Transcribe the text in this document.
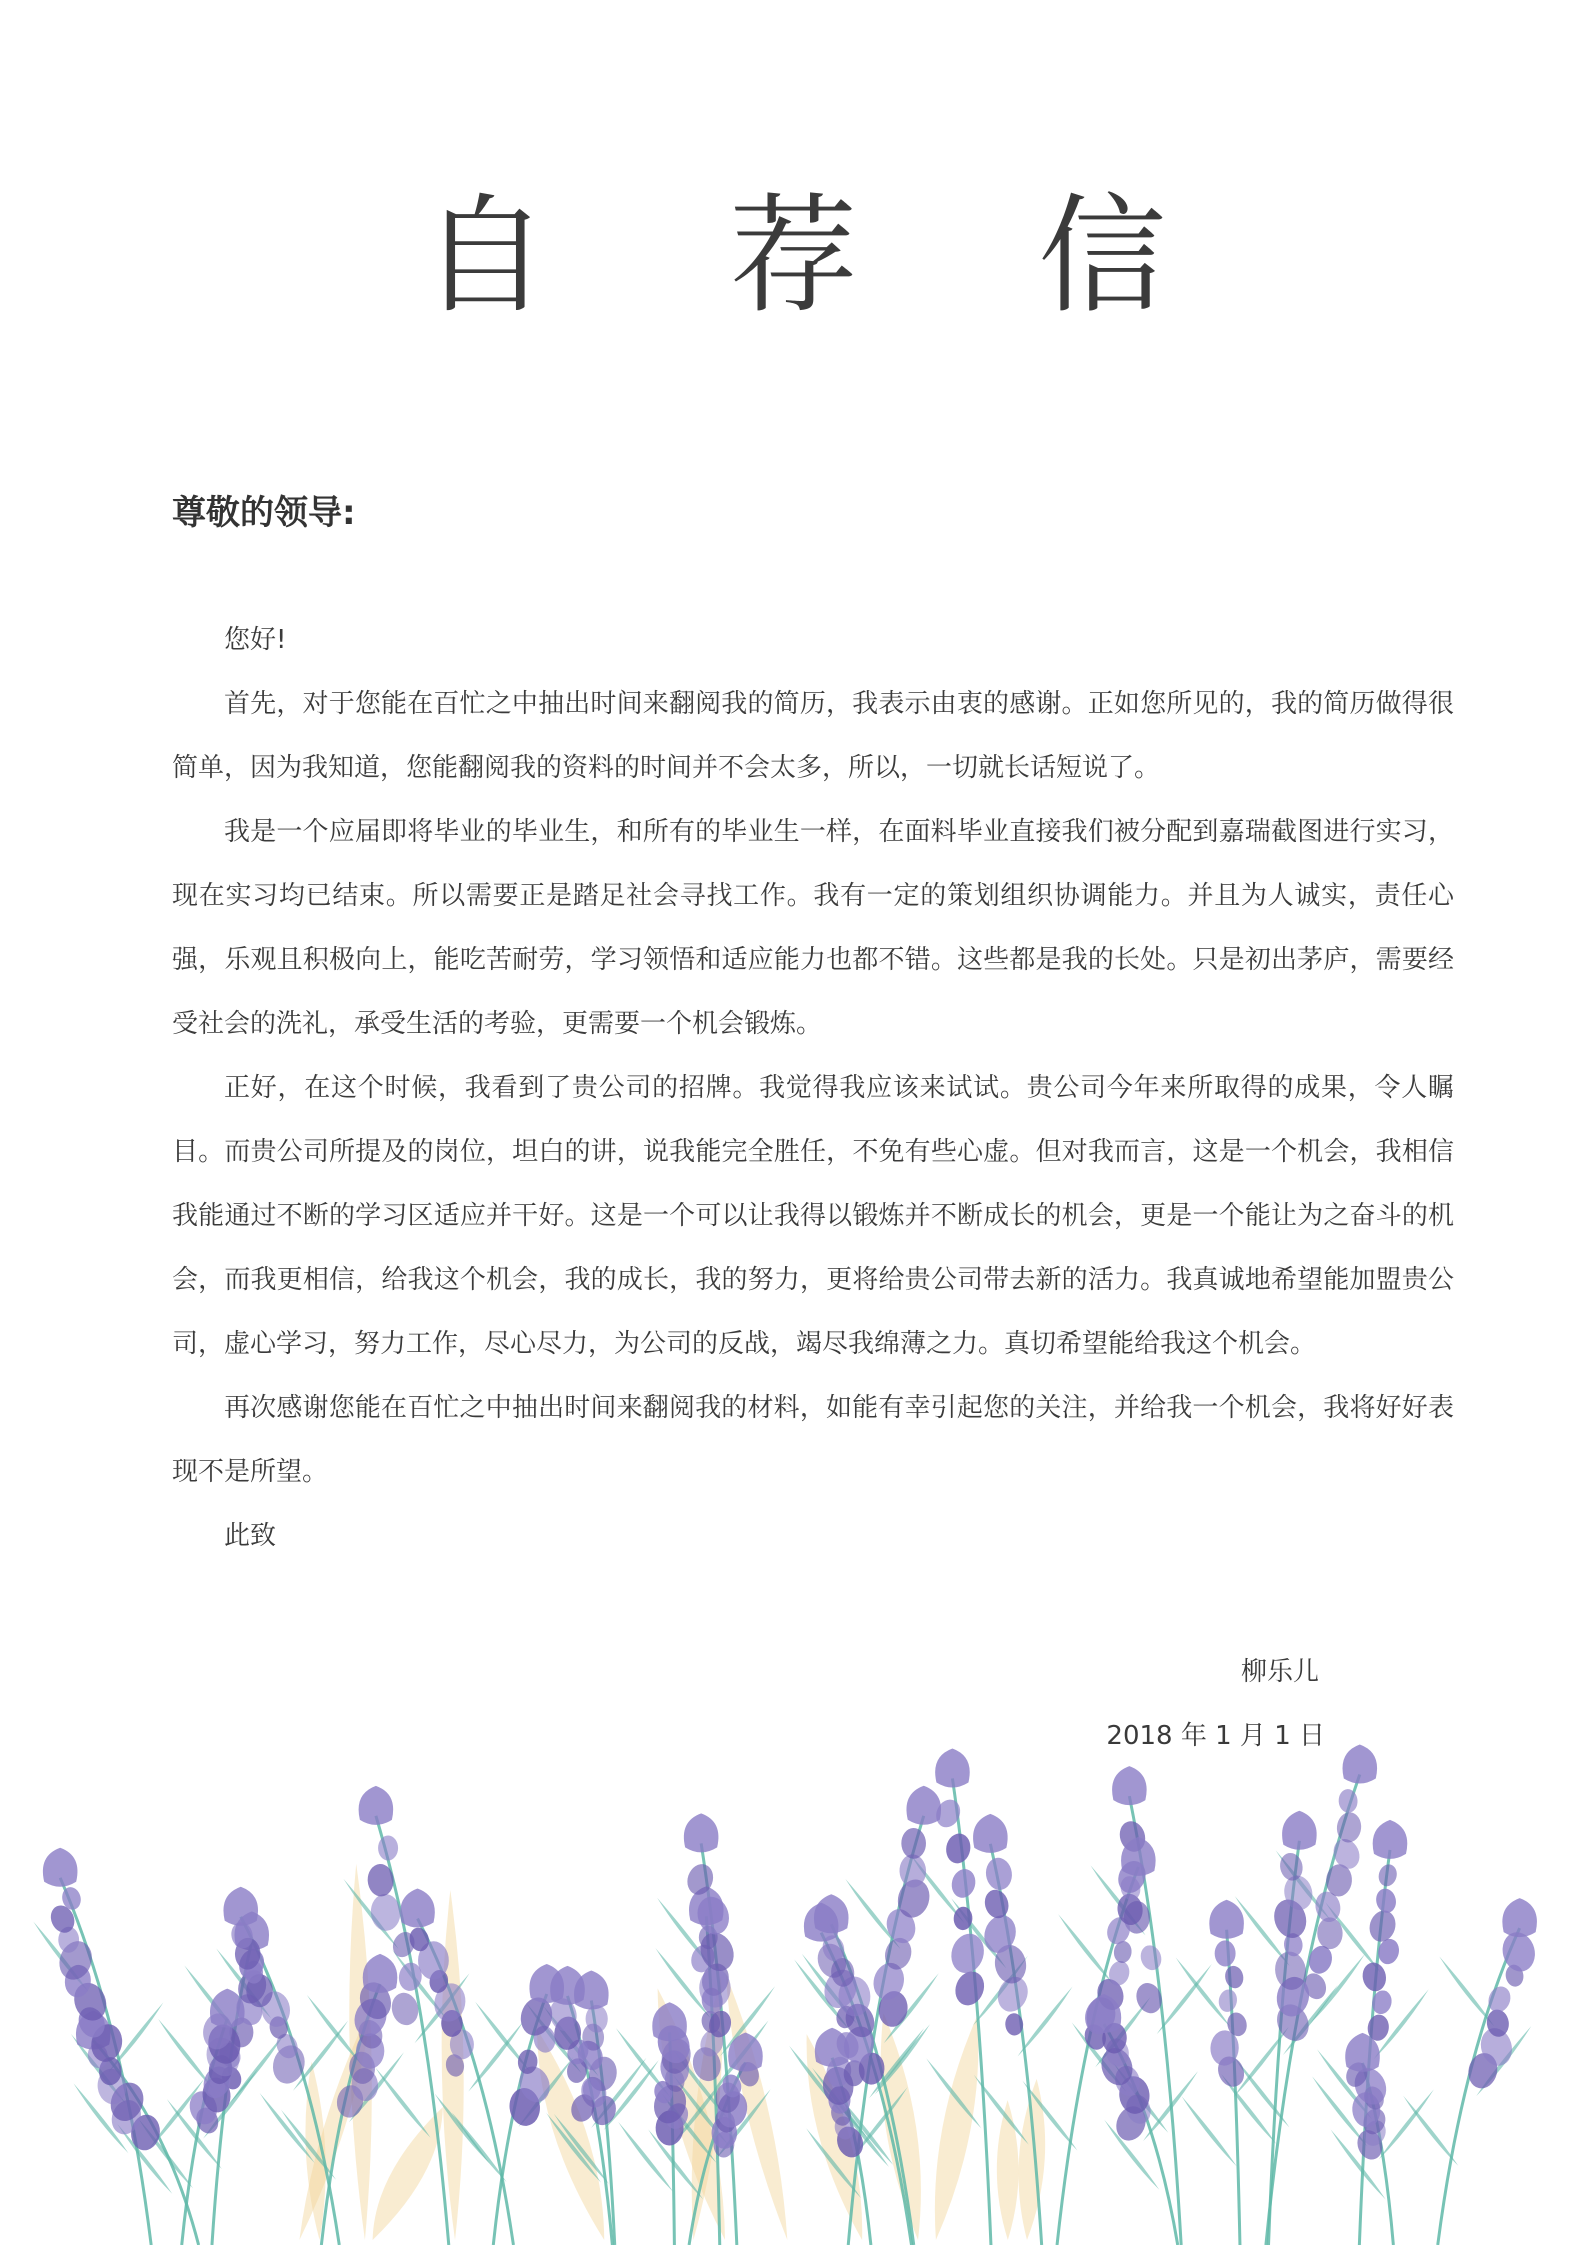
自 荐 信
尊敬的领导:

您好!

首先，对于您能在百忙之中抽出时间来翻阅我的简历，我表示由衷的感谢。正如您所见的，我的简历做得很简单，因为我知道，您能翻阅我的资料的时间并不会太多，所以，一切就长话短说了。

我是一个应届即将毕业的毕业生，和所有的毕业生一样，在面料毕业直接我们被分配到嘉瑞截图进行实习，现在实习均已结束。所以需要正是踏足社会寻找工作。我有一定的策划组织协调能力。并且为人诚实，责任心强，乐观且积极向上，能吃苦耐劳，学习领悟和适应能力也都不错。这些都是我的长处。只是初出茅庐，需要经受社会的洗礼，承受生活的考验，更需要一个机会锻炼。

正好，在这个时候，我看到了贵公司的招牌。我觉得我应该来试试。贵公司今年来所取得的成果，令人瞩目。而贵公司所提及的岗位，坦白的讲，说我能完全胜任，不免有些心虚。但对我而言，这是一个机会，我相信我能通过不断的学习区适应并干好。这是一个可以让我得以锻炼并不断成长的机会，更是一个能让为之奋斗的机会，而我更相信，给我这个机会，我的成长，我的努力，更将给贵公司带去新的活力。我真诚地希望能加盟贵公司，虚心学习，努力工作，尽心尽力，为公司的反战，竭尽我绵薄之力。真切希望能给我这个机会。

再次感谢您能在百忙之中抽出时间来翻阅我的材料，如能有幸引起您的关注，并给我一个机会，我将好好表现不是所望。

此致

柳乐儿
2018 年 1 月 1 日
